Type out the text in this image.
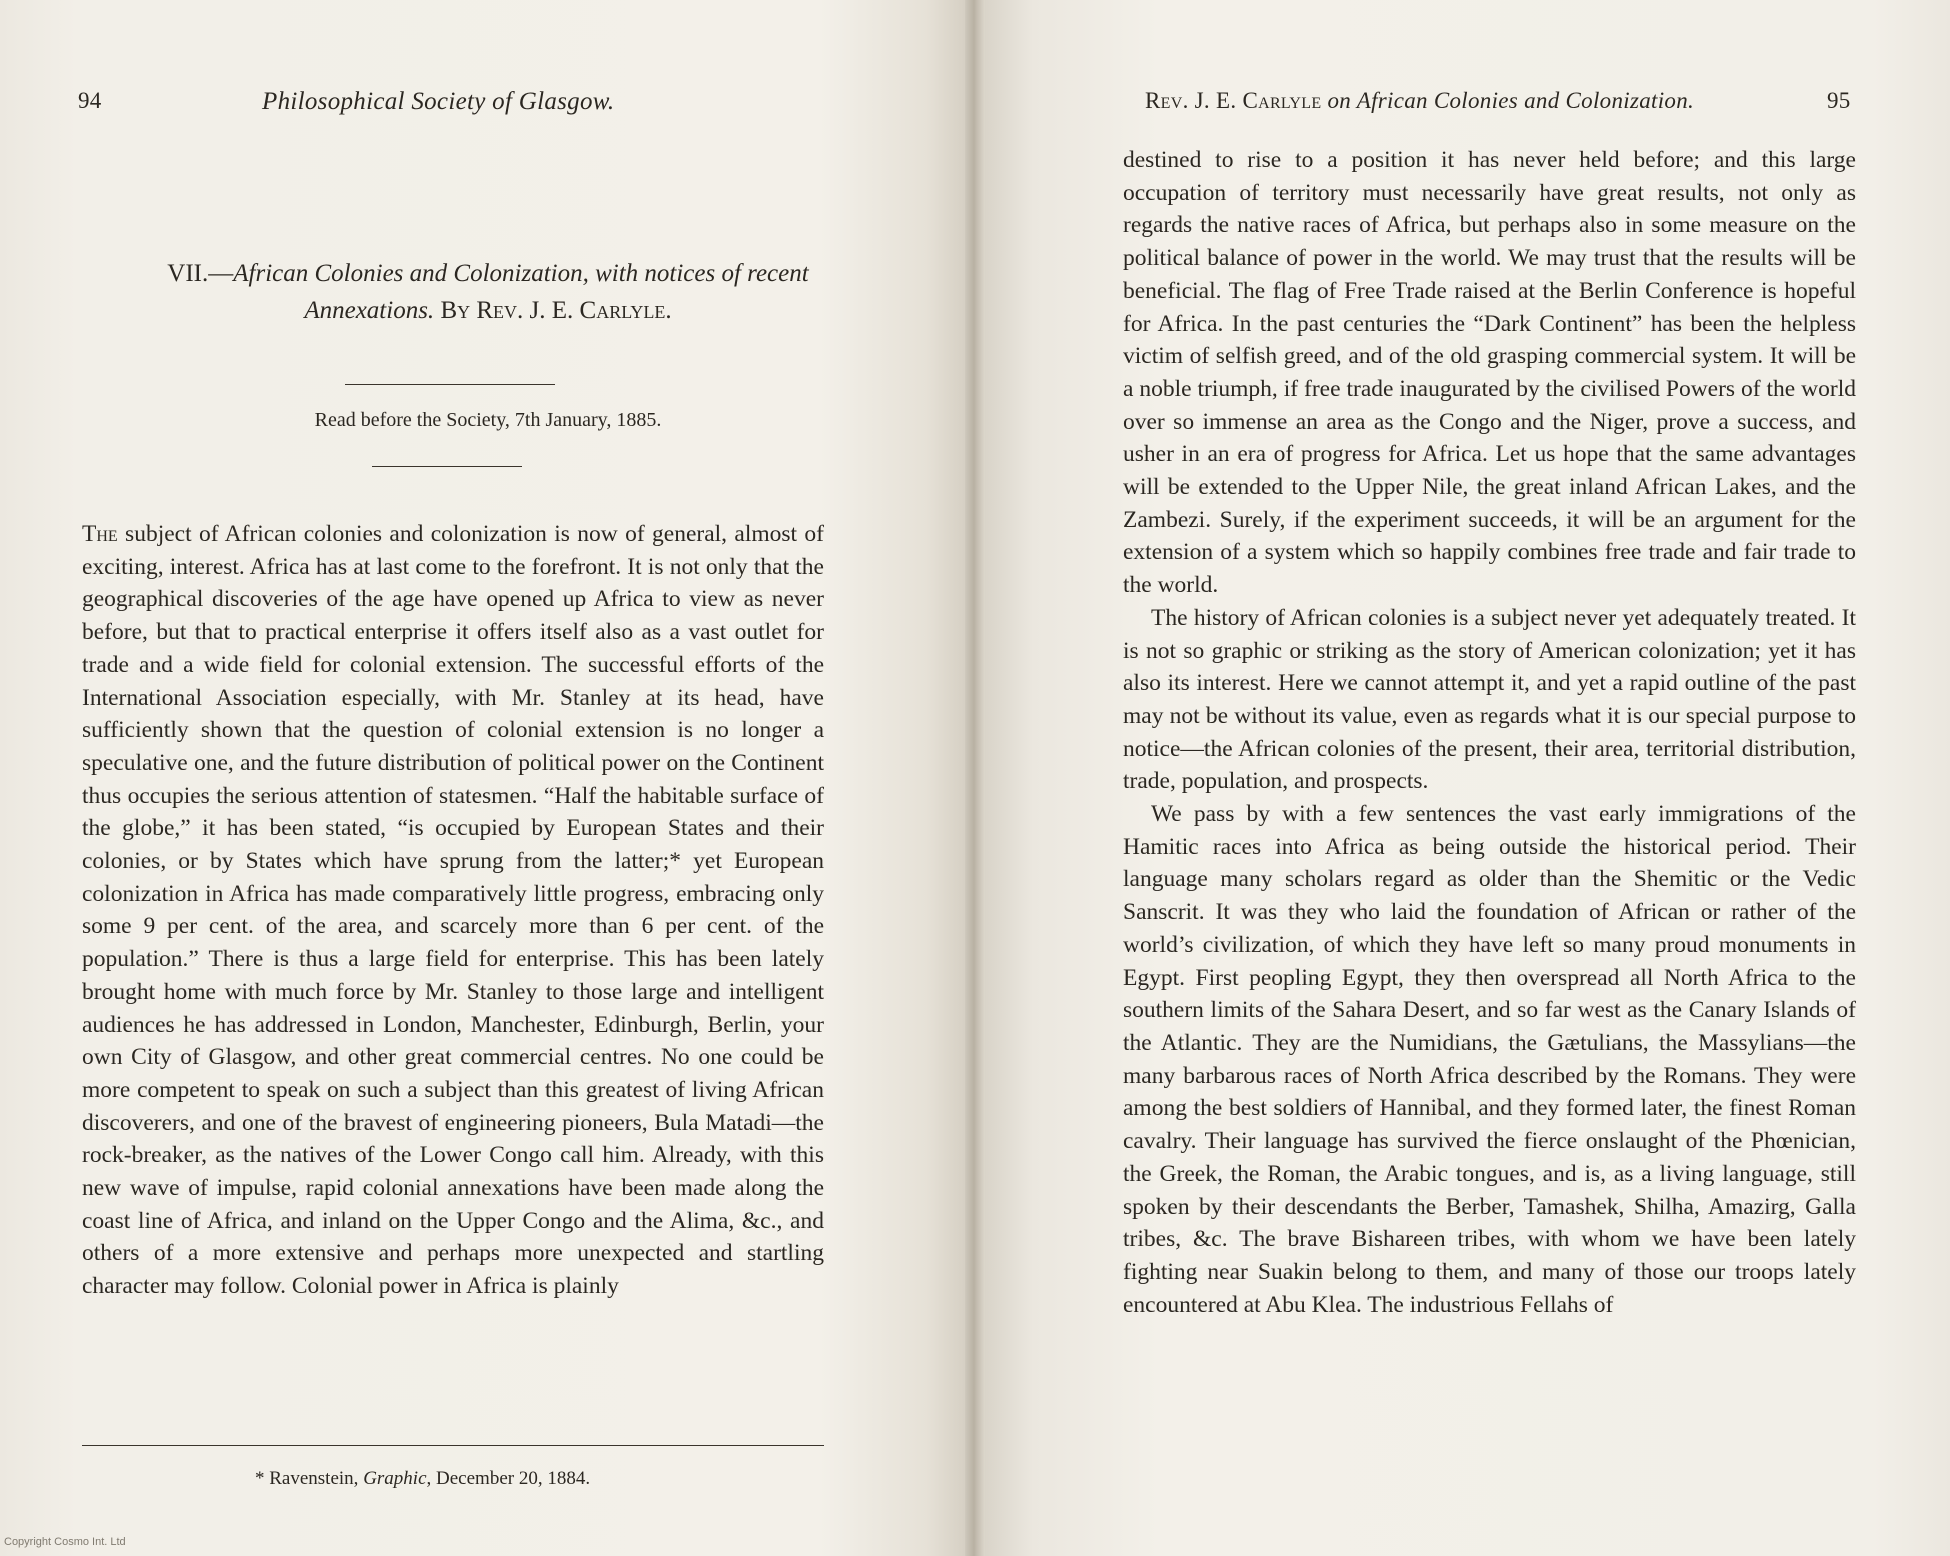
94	Philosophical Society of Glasgow.
VII.—African Colonies and Colonization, with notices of recent Annexations. By Rev. J. E. Carlyle.
Read before the Society, 7th January, 1885.

The subject of African colonies and colonization is now of general, almost of exciting, interest. Africa has at last come to the forefront. It is not only that the geographical discoveries of the age have opened up Africa to view as never before, but that to practical enterprise it offers itself also as a vast outlet for trade and a wide field for colonial extension. The successful efforts of the International Association especially, with Mr. Stanley at its head, have sufficiently shown that the question of colonial extension is no longer a speculative one, and the future distribution of political power on the Continent thus occupies the serious attention of statesmen. “Half the habitable surface of the globe,” it has been stated, “is occupied by European States and their colonies, or by States which have sprung from the latter;* yet European colonization in Africa has made comparatively little progress, embracing only some 9 per cent. of the area, and scarcely more than 6 per cent. of the population.” There is thus a large field for enterprise. This has been lately brought home with much force by Mr. Stanley to those large and intelligent audiences he has addressed in London, Manchester, Edinburgh, Berlin, your own City of Glasgow, and other great commercial centres. No one could be more competent to speak on such a subject than this greatest of living African discoverers, and one of the bravest of engineering pioneers, Bula Matadi—the rock-breaker, as the natives of the Lower Congo call him. Already, with this new wave of impulse, rapid colonial annexations have been made along the coast line of Africa, and inland on the Upper Congo and the Alima, &c., and others of a more extensive and perhaps more unexpected and startling character may follow. Colonial power in Africa is plainly

* Ravenstein, Graphic, December 20, 1884.
Copyright Cosmo Int. Ltd
Rev. J. E. Carlyle on African Colonies and Colonization.	95

destined to rise to a position it has never held before; and this large occupation of territory must necessarily have great results, not only as regards the native races of Africa, but perhaps also in some measure on the political balance of power in the world. We may trust that the results will be beneficial. The flag of Free Trade raised at the Berlin Conference is hopeful for Africa. In the past centuries the “Dark Continent” has been the helpless victim of selfish greed, and of the old grasping commercial system. It will be a noble triumph, if free trade inaugurated by the civilised Powers of the world over so immense an area as the Congo and the Niger, prove a success, and usher in an era of progress for Africa. Let us hope that the same advantages will be extended to the Upper Nile, the great inland African Lakes, and the Zambezi. Surely, if the experiment succeeds, it will be an argument for the extension of a system which so happily combines free trade and fair trade to the world.

The history of African colonies is a subject never yet adequately treated. It is not so graphic or striking as the story of American colonization; yet it has also its interest. Here we cannot attempt it, and yet a rapid outline of the past may not be without its value, even as regards what it is our special purpose to notice—the African colonies of the present, their area, territorial distribution, trade, population, and prospects.

We pass by with a few sentences the vast early immigrations of the Hamitic races into Africa as being outside the historical period. Their language many scholars regard as older than the Shemitic or the Vedic Sanscrit. It was they who laid the foundation of African or rather of the world’s civilization, of which they have left so many proud monuments in Egypt. First peopling Egypt, they then overspread all North Africa to the southern limits of the Sahara Desert, and so far west as the Canary Islands of the Atlantic. They are the Numidians, the Gætulians, the Massylians—the many barbarous races of North Africa described by the Romans. They were among the best soldiers of Hannibal, and they formed later, the finest Roman cavalry. Their language has survived the fierce onslaught of the Phœnician, the Greek, the Roman, the Arabic tongues, and is, as a living language, still spoken by their descendants the Berber, Tamashek, Shilha, Amazirg, Galla tribes, &c. The brave Bishareen tribes, with whom we have been lately fighting near Suakin belong to them, and many of those our troops lately encountered at Abu Klea. The industrious Fellahs of
